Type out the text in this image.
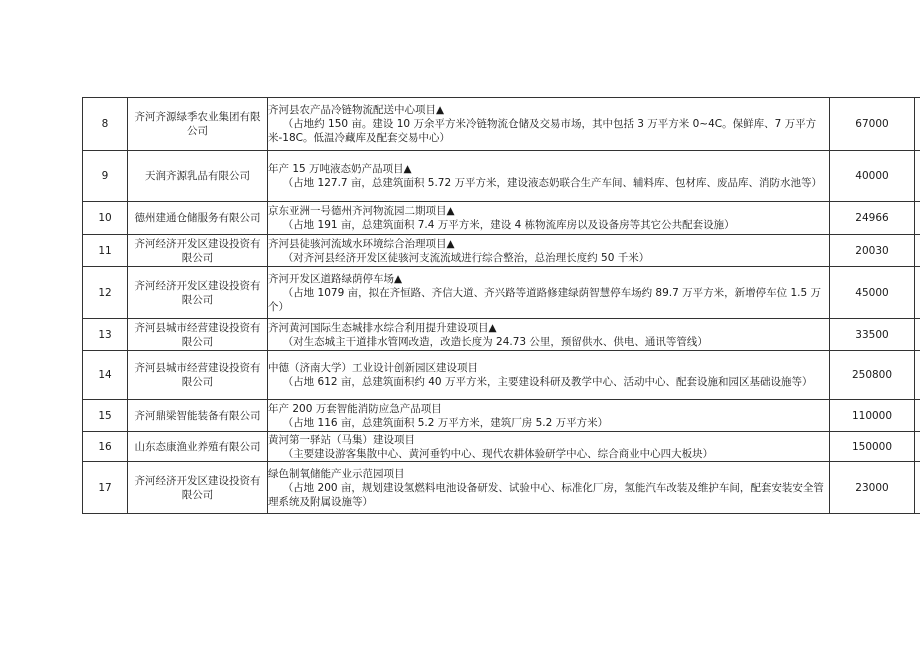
8	齐河齐源绿季农业集团有限公司	齐河县农产品冷链物流配送中心项目▲
（占地约 150 亩。建设 10 万余平方米冷链物流仓储及交易市场，其中包括 3 万平方米 0~4C。保鲜库、7 万平方米-18C。低温冷藏库及配套交易中心）	67000	
9	天润齐源乳品有限公司	年产 15 万吨液态奶产品项目▲
（占地 127.7 亩，总建筑面积 5.72 万平方米，建设液态奶联合生产车间、辅料库、包材库、废品库、消防水池等）	40000	
10	德州建通仓储服务有限公司	京东亚洲一号德州齐河物流园二期项目▲
（占地 191 亩，总建筑面积 7.4 万平方米，建设 4 栋物流库房以及设备房等其它公共配套设施）	24966	
11	齐河经济开发区建设投资有限公司	齐河县徒骇河流域水环境综合治理项目▲
（对齐河县经济开发区徒骇河支流流域进行综合整治，总治理长度约 50 千米）	20030	
12	齐河经济开发区建设投资有限公司	齐河开发区道路绿荫停车场▲
（占地 1079 亩，拟在齐恒路、齐信大道、齐兴路等道路修建绿荫智慧停车场约 89.7 万平方米，新增停车位 1.5 万个）	45000	
13	齐河县城市经营建设投资有限公司	齐河黄河国际生态城排水综合利用提升建设项目▲
（对生态城主干道排水管网改造，改造长度为 24.73 公里，预留供水、供电、通讯等管线）	33500	
14	齐河县城市经营建设投资有限公司	中德（济南大学）工业设计创新园区建设项目
（占地 612 亩，总建筑面积约 40 万平方米，主要建设科研及教学中心、活动中心、配套设施和园区基础设施等）	250800	
15	齐河鼎梁智能装备有限公司	年产 200 万套智能消防应急产品项目
（占地 116 亩，总建筑面积 5.2 万平方米，建筑厂房 5.2 万平方米）	110000	
16	山东态康渔业养殖有限公司	黄河第一驿站（马集）建设项目
（主要建设游客集散中心、黄河垂钓中心、现代农耕体验研学中心、综合商业中心四大板块）	150000	
17	齐河经济开发区建设投资有限公司	绿色制氧储能产业示范园项目
（占地 200 亩，规划建设氢燃料电池设备研发、试验中心、标准化厂房，氢能汽车改装及维护车间，配套安装安全管理系统及附属设施等）	23000	
